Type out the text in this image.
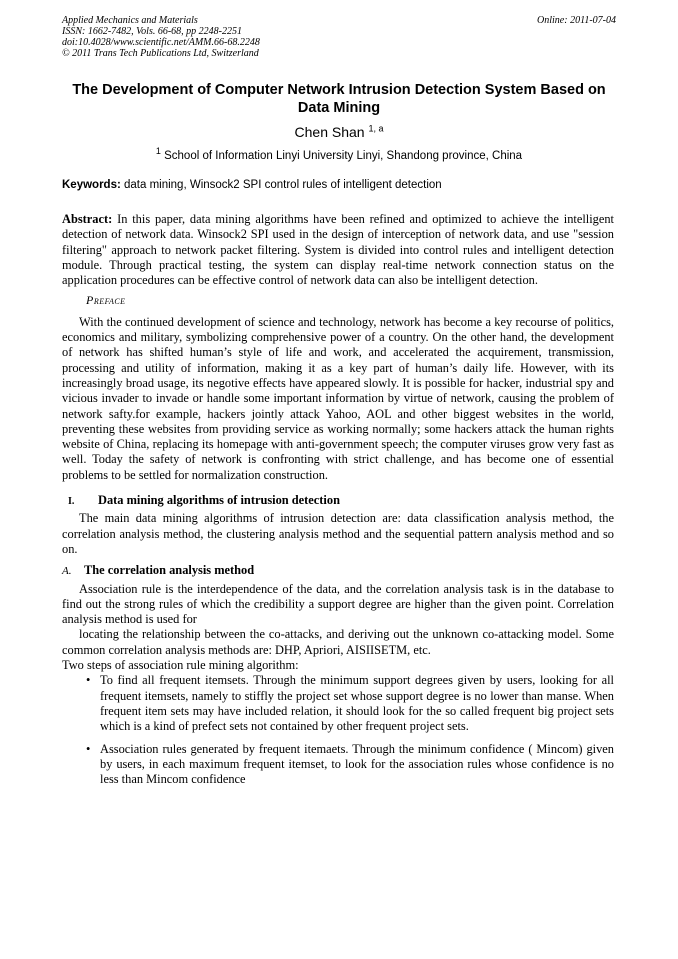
Applied Mechanics and Materials
ISSN: 1662-7482, Vols. 66-68, pp 2248-2251
doi:10.4028/www.scientific.net/AMM.66-68.2248
© 2011 Trans Tech Publications Ltd, Switzerland
Online: 2011-07-04
The Development of Computer Network Intrusion Detection System Based on Data Mining
Chen Shan $^{1, a}$
$^1$ School of Information Linyi University Linyi, Shandong province, China
Keywords: data mining, Winsock2 SPI control rules of intelligent detection

Abstract: In this paper, data mining algorithms have been refined and optimized to achieve the intelligent detection of network data. Winsock2 SPI used in the design of interception of network data, and use "session filtering" approach to network packet filtering. System is divided into control rules and intelligent detection module. Through practical testing, the system can display real-time network connection status on the application procedures can be effective control of network data can also be intelligent detection.

Preface

With the continued development of science and technology, network has become a key recourse of politics, economics and military, symbolizing comprehensive power of a country. On the other hand, the development of network has shifted human’s style of life and work, and accelerated the acquirement, transmission, processing and utility of information, making it as a key part of human’s daily life. However, with its increasingly broad usage, its negotive effects have appeared slowly. It is possible for hacker, industrial spy and vicious invader to invade or handle some important information by virtue of network, causing the problem of network safty.for example, hackers jointly attack Yahoo, AOL and other biggest websites in the world, preventing these websites from providing service as working normally; some hackers attack the human rights website of China, replacing its homepage with anti-government speech; the computer viruses grow very fast as well. Today the safety of network is confronting with strict challenge, and has become one of essential problems to be settled for normalization construction.

I. Data mining algorithms of intrusion detection

The main data mining algorithms of intrusion detection are: data classification analysis method, the correlation analysis method, the clustering analysis method and the sequential pattern analysis method and so on.

A. The correlation analysis method

Association rule is the interdependence of the data, and the correlation analysis task is in the database to find out the strong rules of which the credibility a support degree are higher than the given point. Correlation analysis method is used for

locating the relationship between the co-attacks, and deriving out the unknown co-attacking model. Some common correlation analysis methods are: DHP, Apriori, AISIISETM, etc.

Two steps of association rule mining algorithm:

• To find all frequent itemsets. Through the minimum support degrees given by users, looking for all frequent itemsets, namely to stiffly the project set whose support degree is no lower than manse. When frequent item sets may have included relation, it should look for the so called frequent big project sets which is a kind of prefect sets not contained by other frequent project sets.
• Association rules generated by frequent itemaets. Through the minimum confidence ( Mincom) given by users, in each maximum frequent itemset, to look for the association rules whose confidence is no less than Mincom confidence
